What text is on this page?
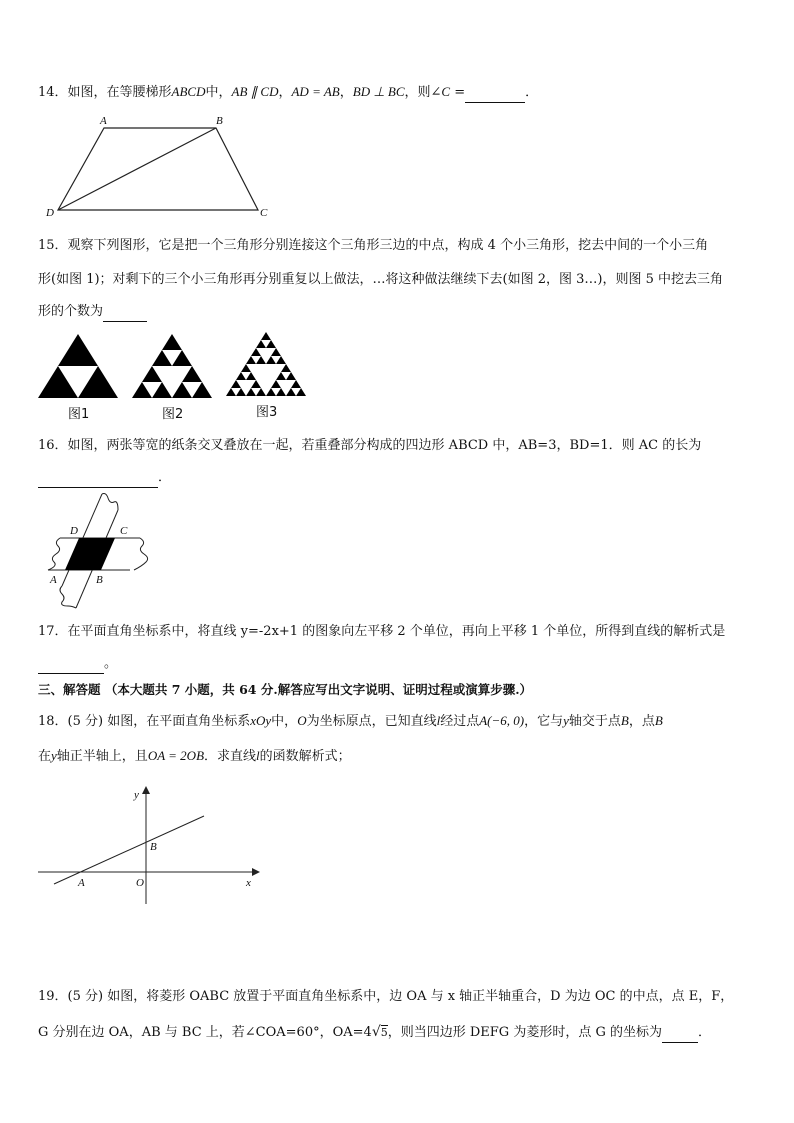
14．如图，在等腰梯形ABCD中，AB ∥ CD，AD = AB，BD ⊥ BC，则∠C =	．
A	B
C
D
15．观察下列图形，它是把一个三角形分别连接这个三角形三边的中点，构成 4 个小三角形，挖去中间的一个小三角
形(如图 1)；对剩下的三个小三角形再分别重复以上做法，…将这种做法继续下去(如图 2，图 3…)，则图 5 中挖去三角
形的个数为
图1	图2	图3
16．如图，两张等宽的纸条交叉叠放在一起，若重叠部分构成的四边形 ABCD 中，AB=3，BD=1．则 AC 的长为
．
D	C
A	B
17．在平面直角坐标系中，将直线 y=-2x+1 的图象向左平移 2 个单位，再向上平移 1 个单位，所得到直线的解析式是
。
三、解答题 （本大题共 7 小题，共 64 分.解答应写出文字说明、证明过程或演算步骤.）
18．(5 分) 如图，在平面直角坐标系xOy中，O为坐标原点，已知直线l经过点A(−6, 0)，它与y轴交于点B，点B
在y轴正半轴上，且OA = 2OB．求直线l的函数解析式；
x
y
A
B
O
19．(5 分) 如图，将菱形 OABC 放置于平面直角坐标系中，边 OA 与 x 轴正半轴重合，D 为边 OC 的中点，点 E，F，
G 分别在边 OA，AB 与 BC 上，若∠COA=60°，OA=4√5，则当四边形 DEFG 为菱形时，点 G 的坐标为	．
